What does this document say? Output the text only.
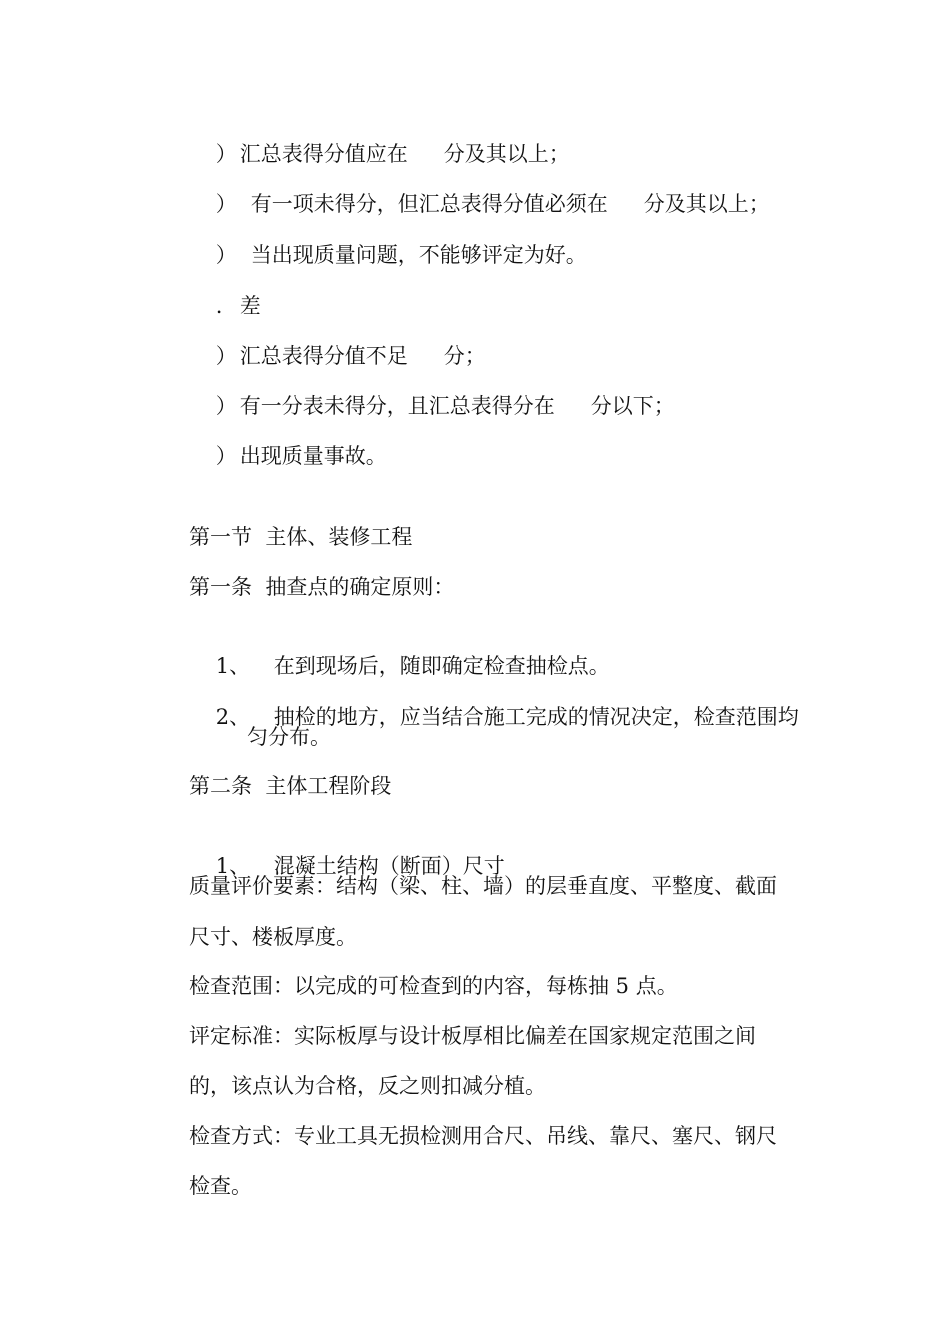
） 汇总表得分值应在 分及其以上；

） 有一项未得分，但汇总表得分值必须在 分及其以上；

） 当出现质量问题，不能够评定为好。

. 差

） 汇总表得分值不足 分；

） 有一分表未得分，且汇总表得分在 分以下；

） 出现质量事故。

第一节  主体、装修工程
第一条  抽查点的确定原则：

1、 在到现场后，随即确定检查抽检点。

2、 抽检的地方，应当结合施工完成的情况决定，检查范围均

匀分布。
第二条  主体工程阶段

1、 混凝土结构（断面）尺寸

质量评价要素：结构（梁、柱、墙）的层垂直度、平整度、截面
尺寸、楼板厚度。
检查范围：以完成的可检查到的内容，每栋抽 5 点。
评定标准：实际板厚与设计板厚相比偏差在国家规定范围之间
的，该点认为合格，反之则扣减分植。
检查方式：专业工具无损检测用合尺、吊线、靠尺、塞尺、钢尺
检查。
